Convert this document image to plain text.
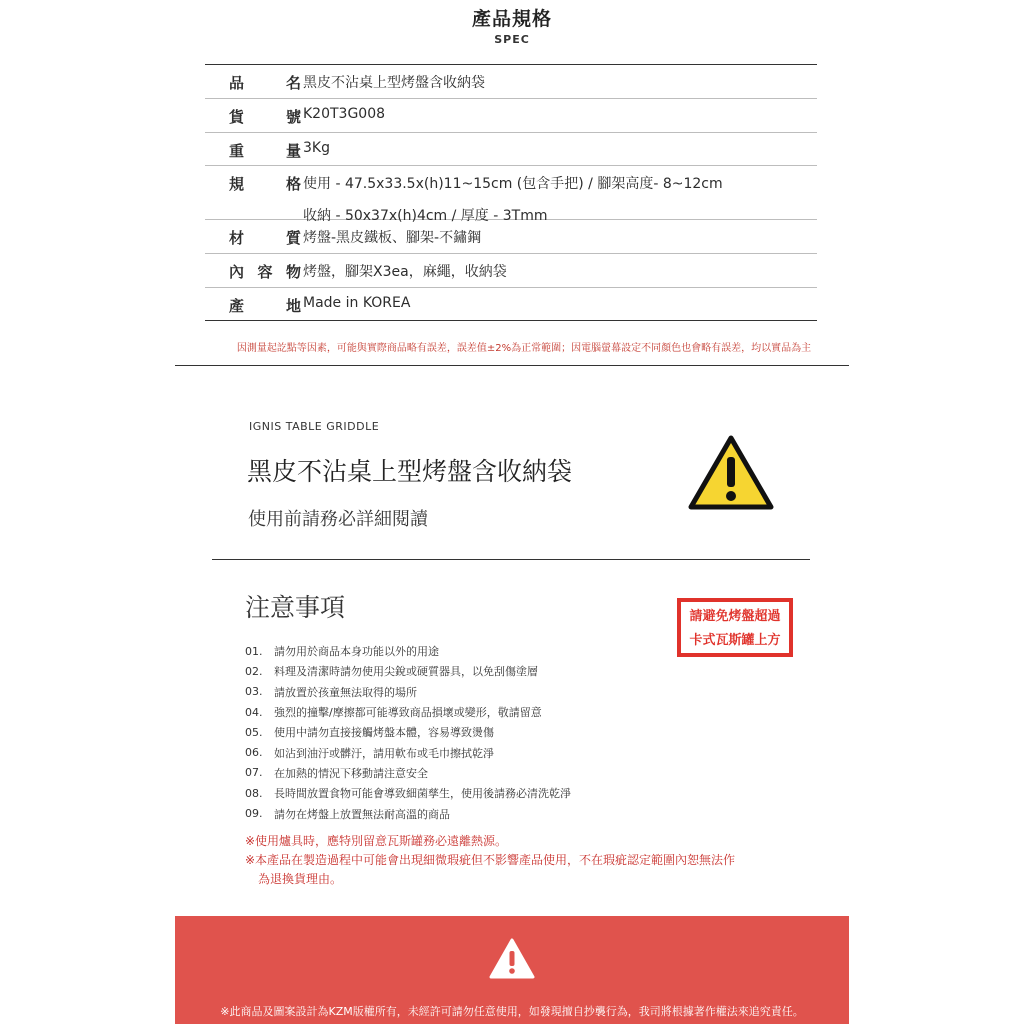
產品規格
SPEC
品名 黑皮不沾桌上型烤盤含收納袋
貨號 K20T3G008
重量 3Kg
規格 使用 - 47.5x33.5x(h)11~15cm (包含手把) / 腳架高度- 8~12cm
收納 - 50x37x(h)4cm / 厚度 - 3Tmm
材質 烤盤-黑皮鐵板、腳架-不鏽鋼
內容物 烤盤，腳架X3ea，麻繩，收納袋
產地 Made in KOREA
因測量起訖點等因素，可能與實際商品略有誤差，誤差值±2%為正常範圍；因電腦螢幕設定不同顏色也會略有誤差，均以實品為主
IGNIS TABLE GRIDDLE
黑皮不沾桌上型烤盤含收納袋
使用前請務必詳細閱讀
注意事項	請避免烤盤超過
卡式瓦斯罐上方
01.	請勿用於商品本身功能以外的用途
02.	料理及清潔時請勿使用尖銳或硬質器具，以免刮傷塗層
03.	請放置於孩童無法取得的場所
04.	強烈的撞擊/摩擦都可能導致商品損壞或變形，敬請留意
05.	使用中請勿直接接觸烤盤本體，容易導致燙傷
06.	如沾到油汙或髒汙，請用軟布或毛巾擦拭乾淨
07.	在加熱的情況下移動請注意安全
08.	長時間放置食物可能會導致細菌孳生，使用後請務必清洗乾淨
09.	請勿在烤盤上放置無法耐高溫的商品
※使用爐具時，應特別留意瓦斯罐務必遠離熱源。
※本產品在製造過程中可能會出現細微瑕疵但不影響產品使用，不在瑕疵認定範圍內恕無法作
為退換貨理由。
※此商品及圖案設計為KZM版權所有，未經許可請勿任意使用，如發現擅自抄襲行為，我司將根據著作權法來追究責任。
